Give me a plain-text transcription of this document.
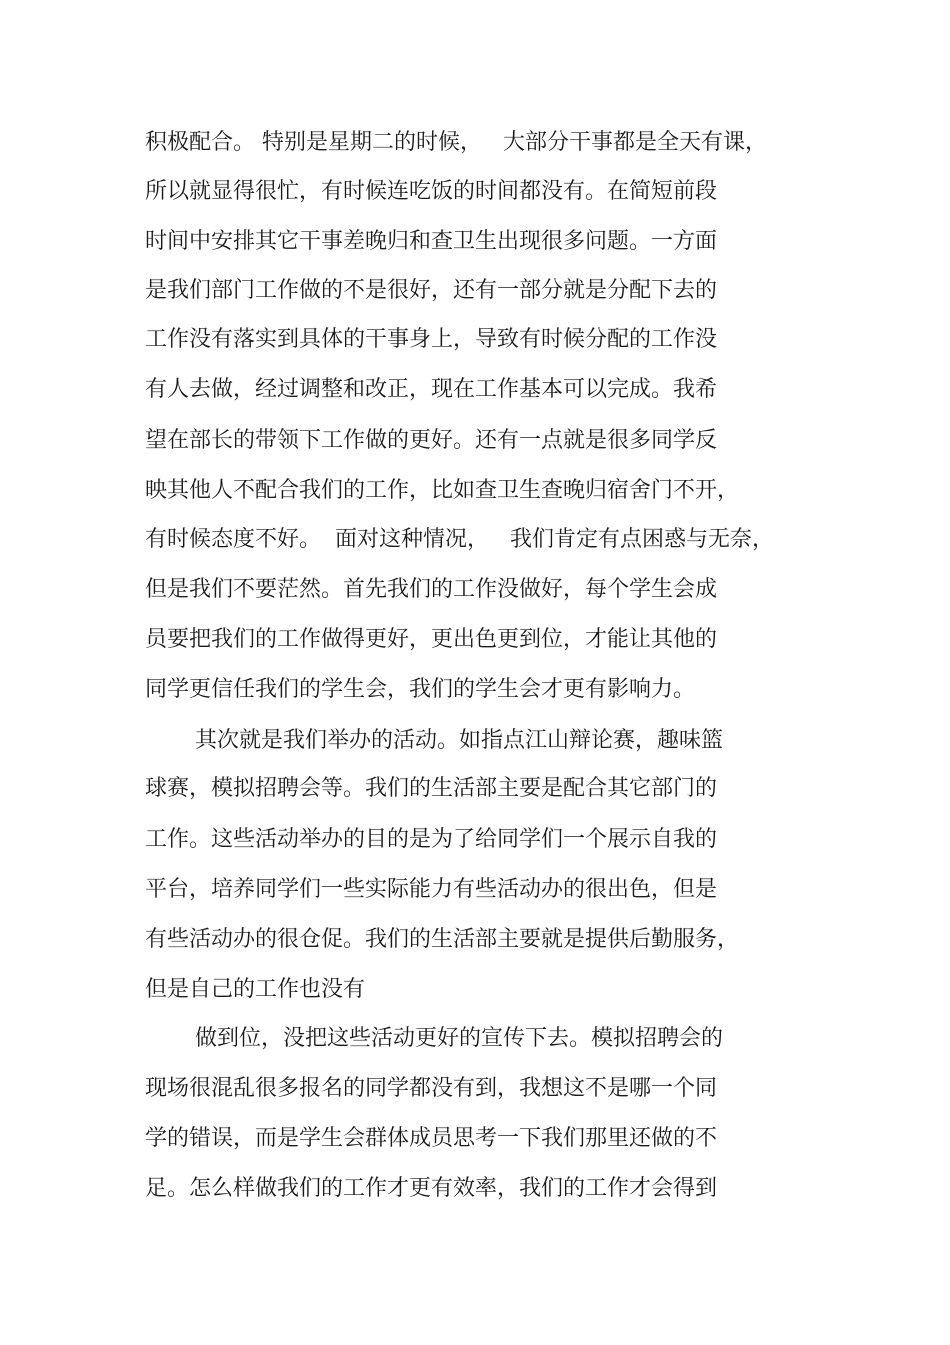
积极配合。 特别是星期二的时候，   大部分干事都是全天有课，
所以就显得很忙，有时候连吃饭的时间都没有。在简短前段
时间中安排其它干事差晚归和查卫生出现很多问题。一方面
是我们部门工作做的不是很好，还有一部分就是分配下去的
工作没有落实到具体的干事身上，导致有时候分配的工作没
有人去做，经过调整和改正，现在工作基本可以完成。我希
望在部长的带领下工作做的更好。还有一点就是很多同学反
映其他人不配合我们的工作，比如查卫生查晚归宿舍门不开，
有时候态度不好。  面对这种情况，   我们肯定有点困惑与无奈，
但是我们不要茫然。首先我们的工作没做好，每个学生会成
员要把我们的工作做得更好，更出色更到位，才能让其他的
同学更信任我们的学生会，我们的学生会才更有影响力。
其次就是我们举办的活动。如指点江山辩论赛，趣味篮
球赛，模拟招聘会等。我们的生活部主要是配合其它部门的
工作。这些活动举办的目的是为了给同学们一个展示自我的
平台，培养同学们一些实际能力有些活动办的很出色，但是
有些活动办的很仓促。我们的生活部主要就是提供后勤服务，
但是自己的工作也没有
做到位，没把这些活动更好的宣传下去。模拟招聘会的
现场很混乱很多报名的同学都没有到，我想这不是哪一个同
学的错误，而是学生会群体成员思考一下我们那里还做的不
足。怎么样做我们的工作才更有效率，我们的工作才会得到
